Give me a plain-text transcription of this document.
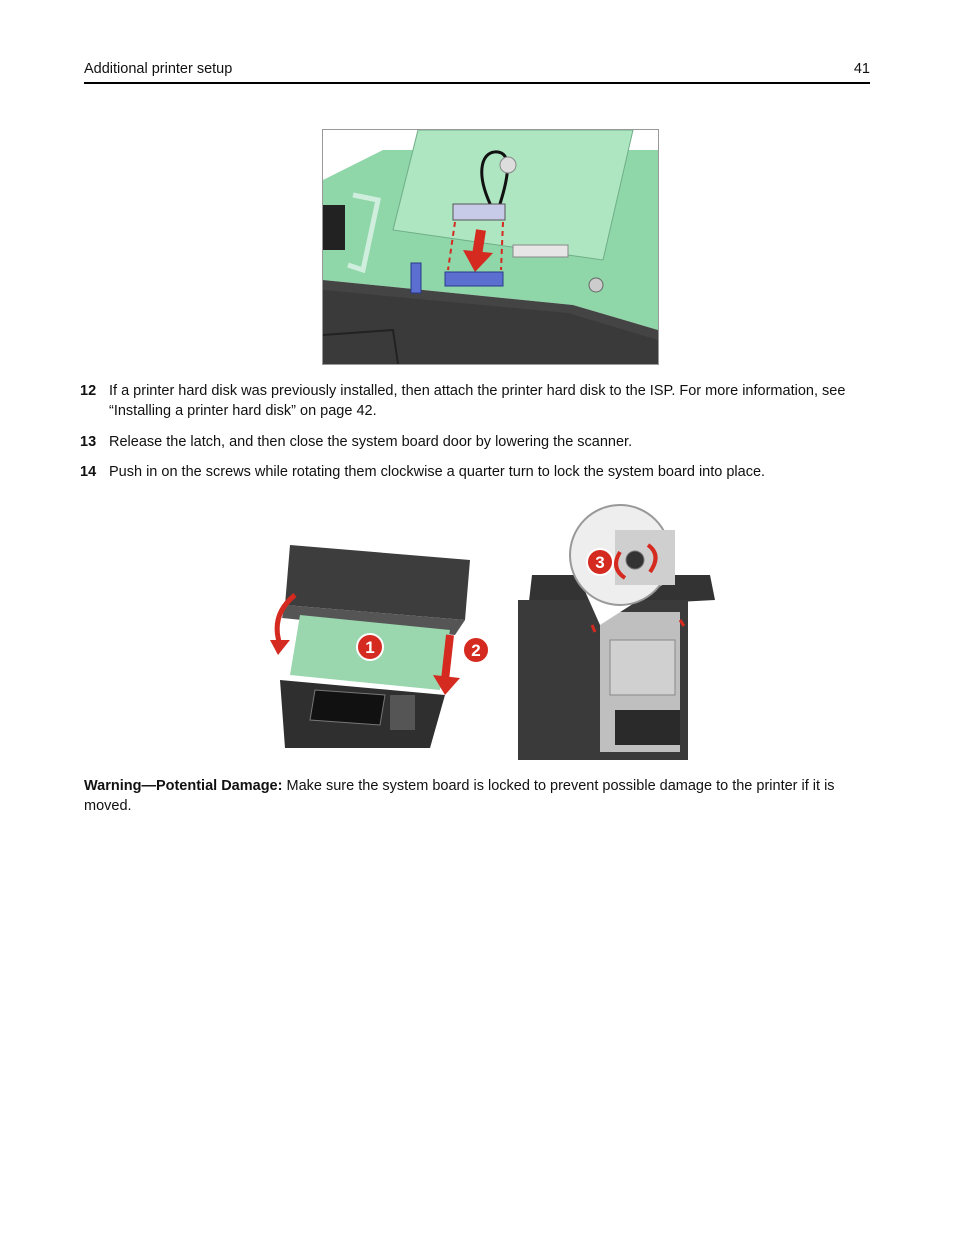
Additional printer setup	41
12 If a printer hard disk was previously installed, then attach the printer hard disk to the ISP. For more information, see “Installing a printer hard disk” on page 42.
13 Release the latch, and then close the system board door by lowering the scanner.
14 Push in on the screws while rotating them clockwise a quarter turn to lock the system board into place.
1	2
3
Warning—Potential Damage: Make sure the system board is locked to prevent possible damage to the printer if it is moved.
